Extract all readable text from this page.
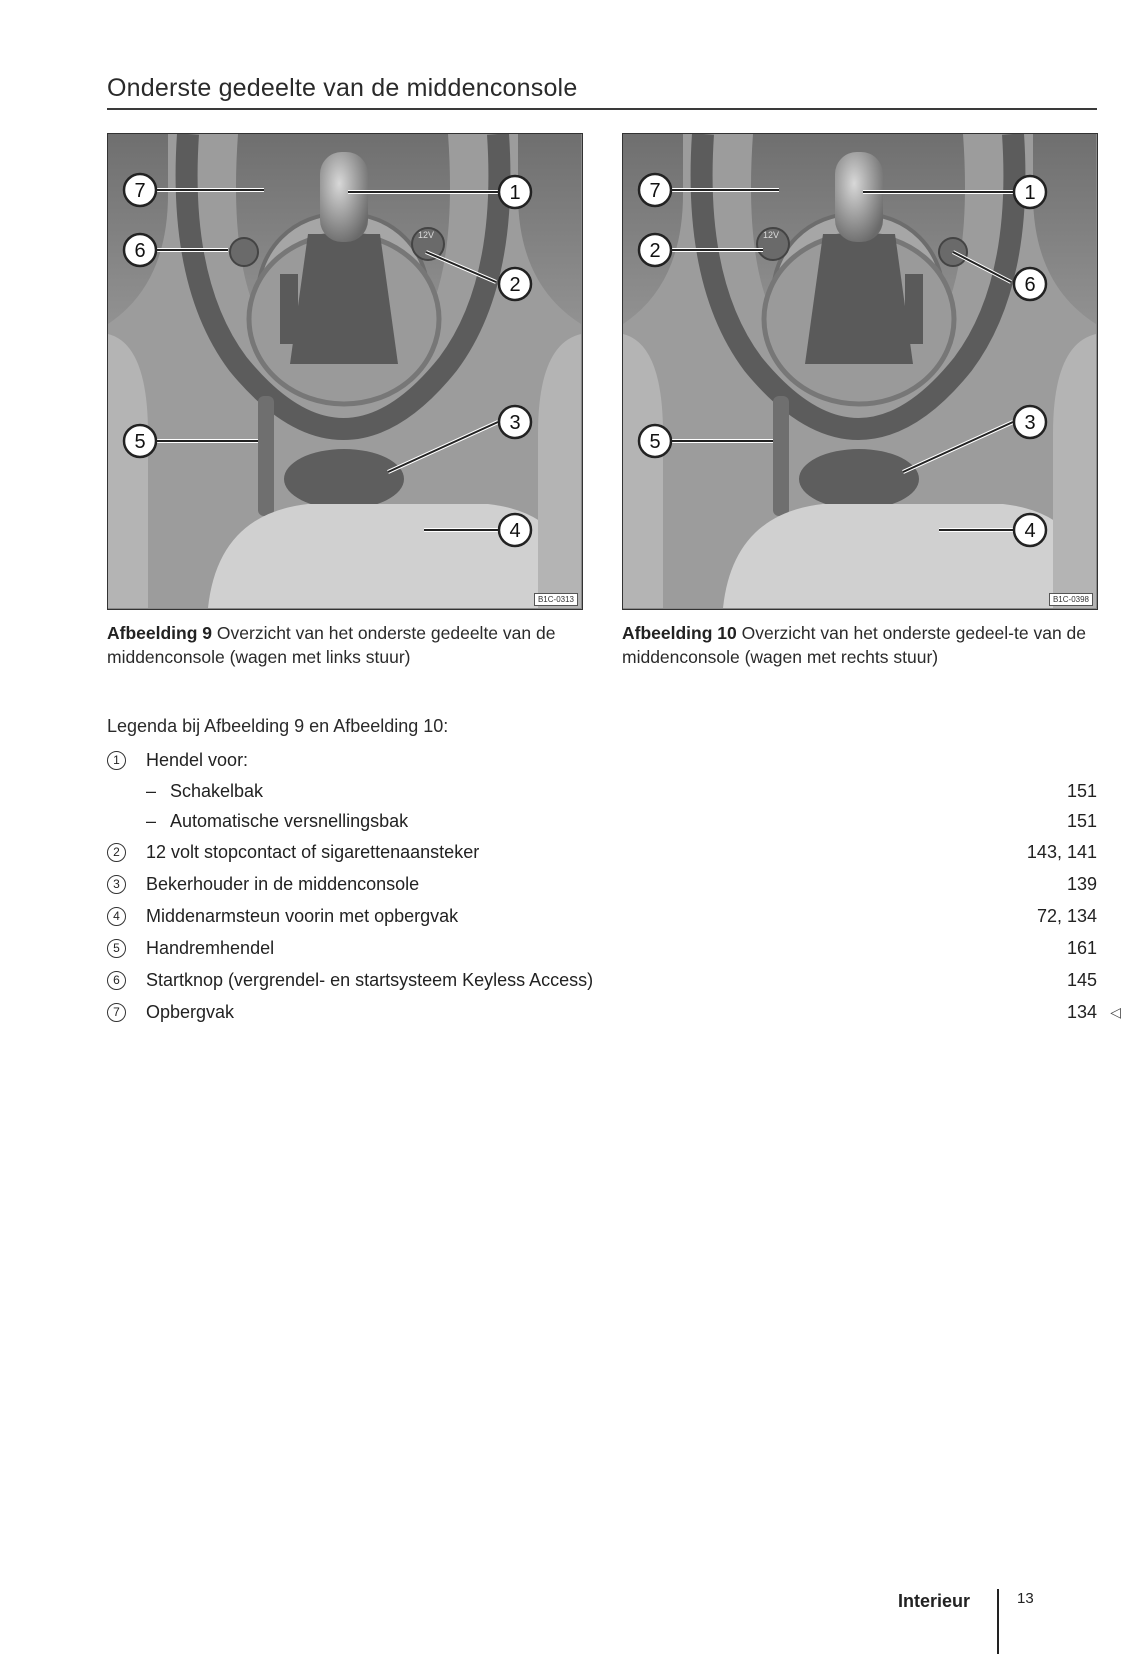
Onderste gedeelte van de middenconsole
12V
7	1
6
2
5
3
4
B1C-0313
12V
7	1
2
6
5
3
4
B1C-0398
Afbeelding 9 Overzicht van het onderste gedeelte van de middenconsole (wagen met links stuur)
Afbeelding 10 Overzicht van het onderste gedeel-te van de middenconsole (wagen met rechts stuur)
Legenda bij Afbeelding 9 en Afbeelding 10:
1	Hendel voor:
– Schakelbak	151
– Automatische versnellingsbak	151
2	12 volt stopcontact of sigarettenaansteker	143, 141
3	Bekerhouder in de middenconsole	139
4	Middenarmsteun voorin met opbergvak	72, 134
5	Handremhendel	161
6	Startknop (vergrendel- en startsysteem Keyless Access)	145
7	Opbergvak	134 ◁
Interieur	13
